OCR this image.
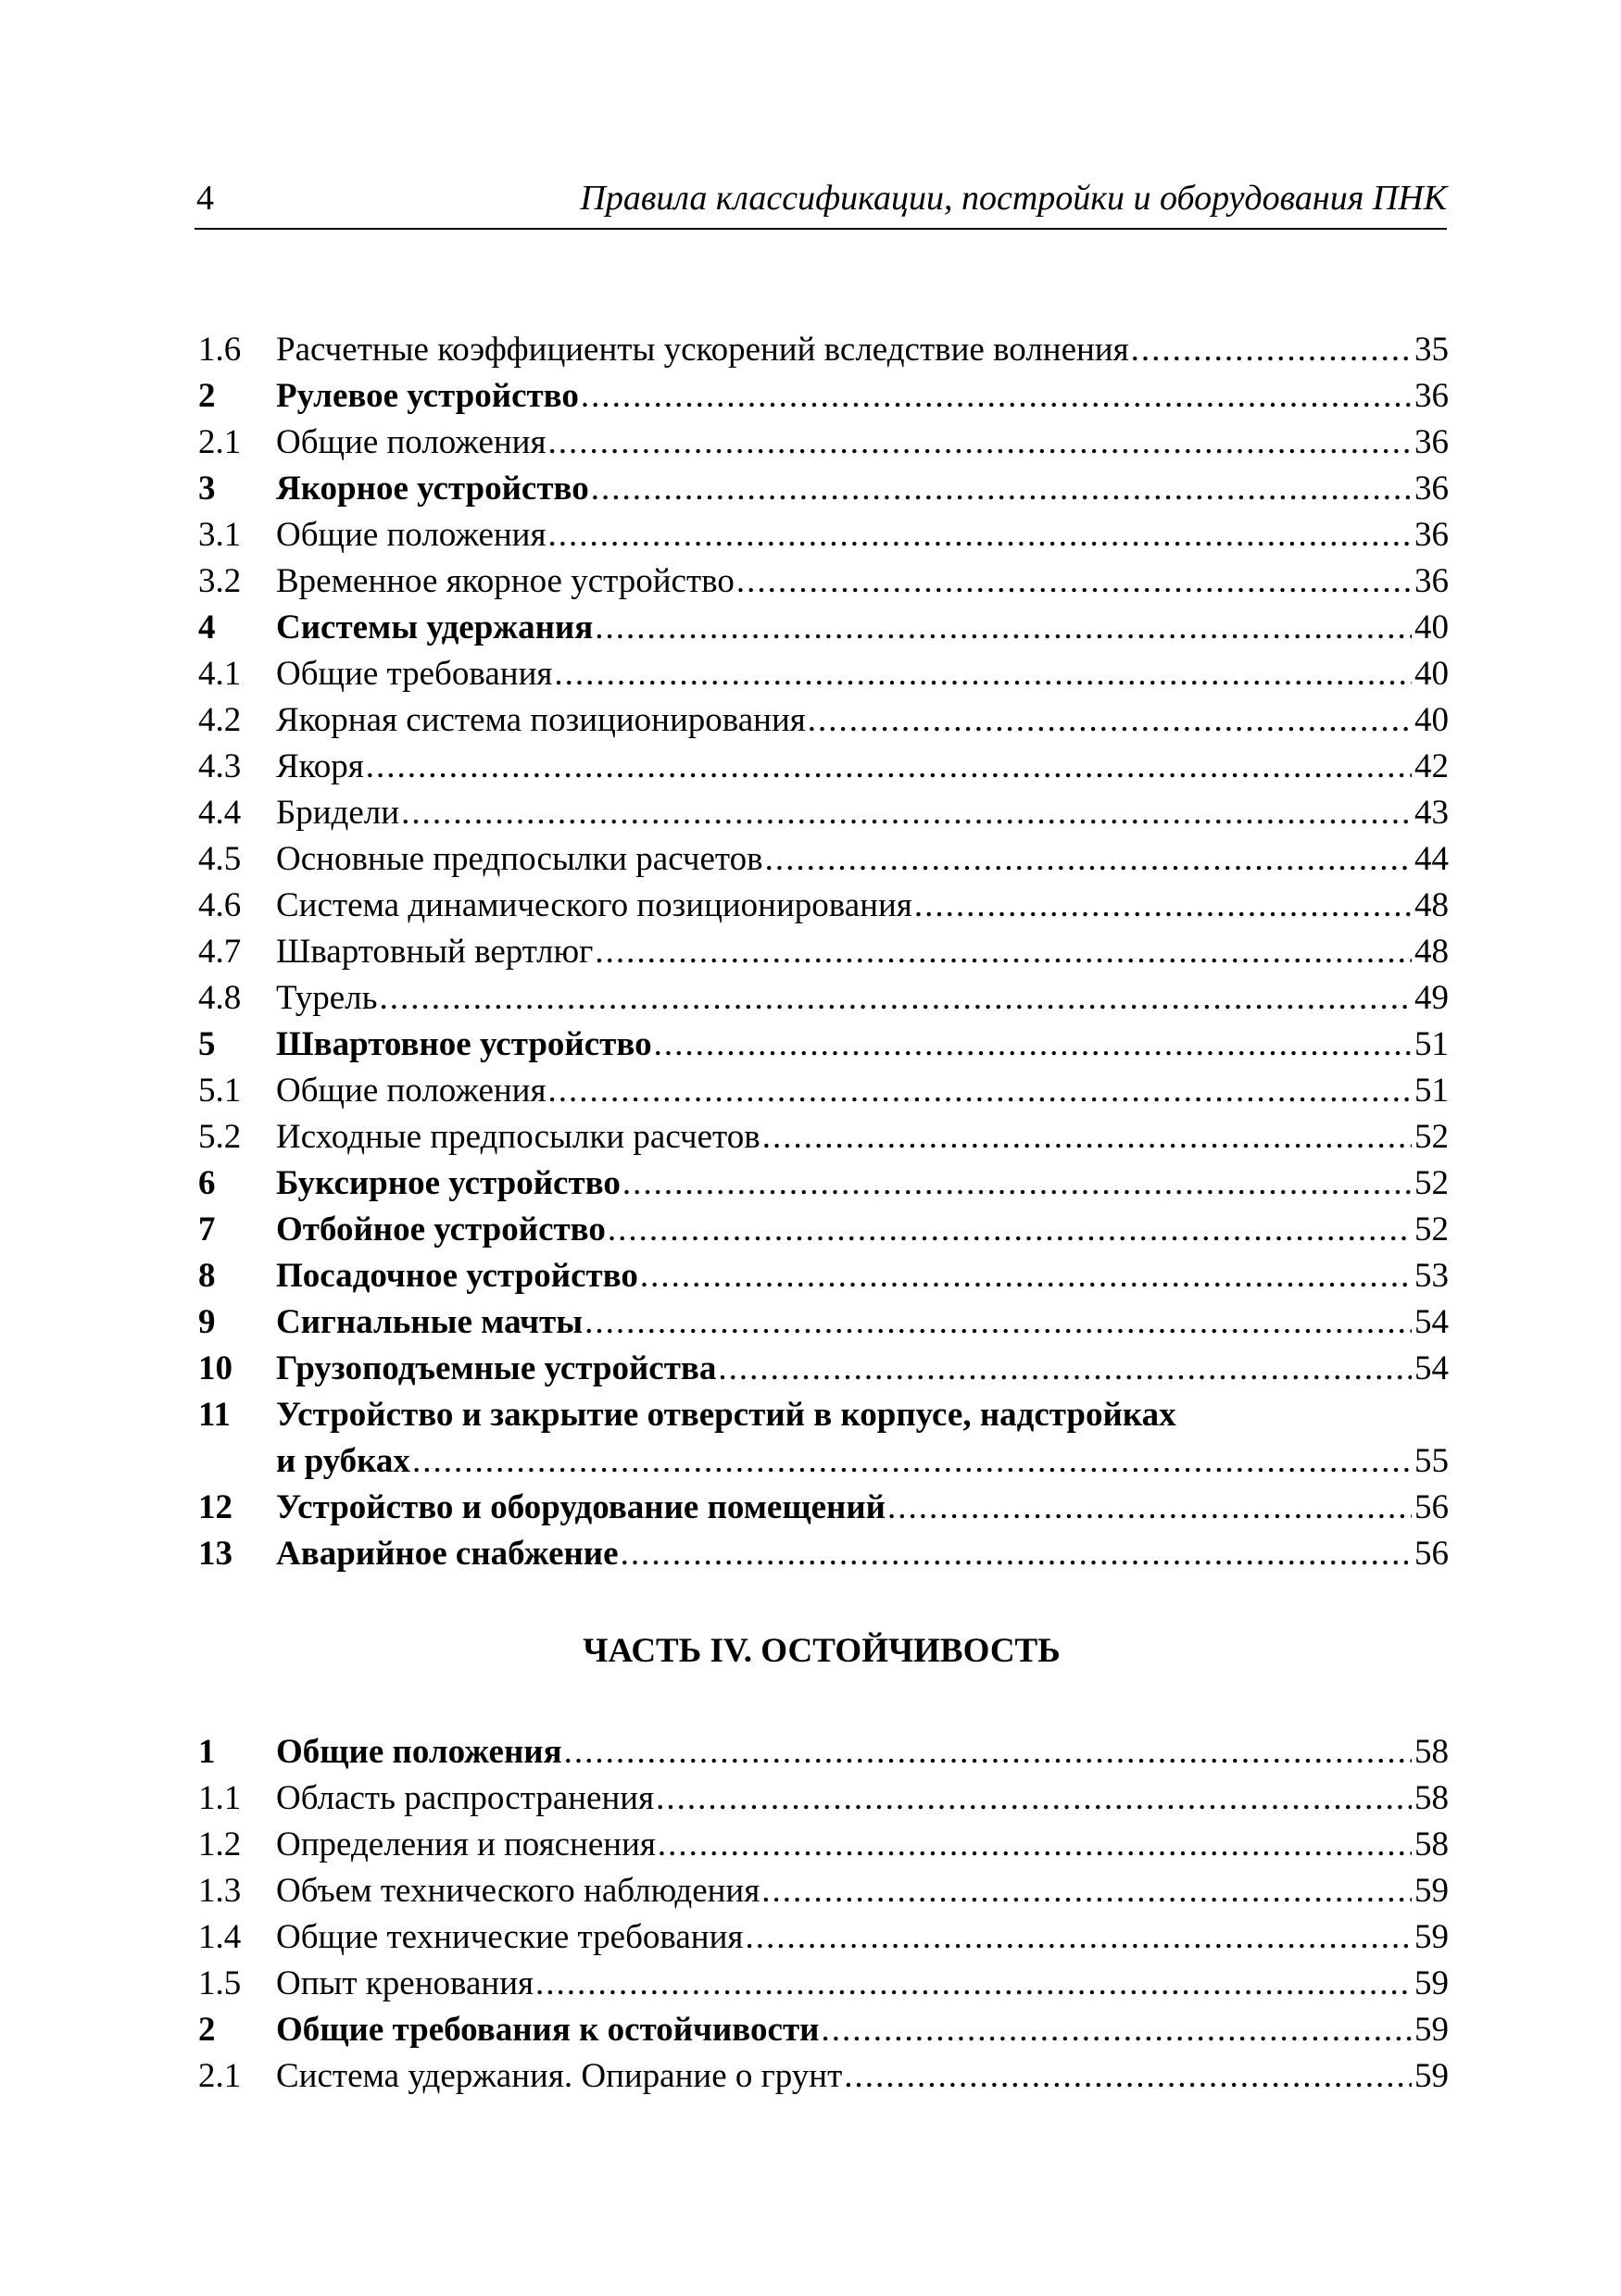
4	Правила классификации, постройки и оборудования ПНК
1.6	Расчетные коэффициенты ускорений вследствие волнения .....	35
2	Рулевое устройство .....	36
2.1	Общие положения .....	36
3	Якорное устройство .....	36
3.1	Общие положения .....	36
3.2	Временное якорное устройство .....	36
4	Системы удержания .....	40
4.1	Общие требования .....	40
4.2	Якорная система позиционирования .....	40
4.3	Якоря .....	42
4.4	Бридели .....	43
4.5	Основные предпосылки расчетов .....	44
4.6	Система динамического позиционирования .....	48
4.7	Швартовный вертлюг .....	48
4.8	Турель .....	49
5	Швартовное устройство .....	51
5.1	Общие положения .....	51
5.2	Исходные предпосылки расчетов .....	52
6	Буксирное устройство .....	52
7	Отбойное устройство .....	52
8	Посадочное устройство .....	53
9	Сигнальные мачты .....	54
10	Грузоподъемные устройства .....	54
11	Устройство и закрытие отверстий в корпусе, надстройках
и рубках .....	55
12	Устройство и оборудование помещений .....	56
13	Аварийное снабжение .....	56
ЧАСТЬ IV. ОСТОЙЧИВОСТЬ
1	Общие положения .....	58
1.1	Область распространения .....	58
1.2	Определения и пояснения .....	58
1.3	Объем технического наблюдения .....	59
1.4	Общие технические требования .....	59
1.5	Опыт кренования .....	59
2	Общие требования к остойчивости .....	59
2.1	Система удержания. Опирание о грунт .....	59
